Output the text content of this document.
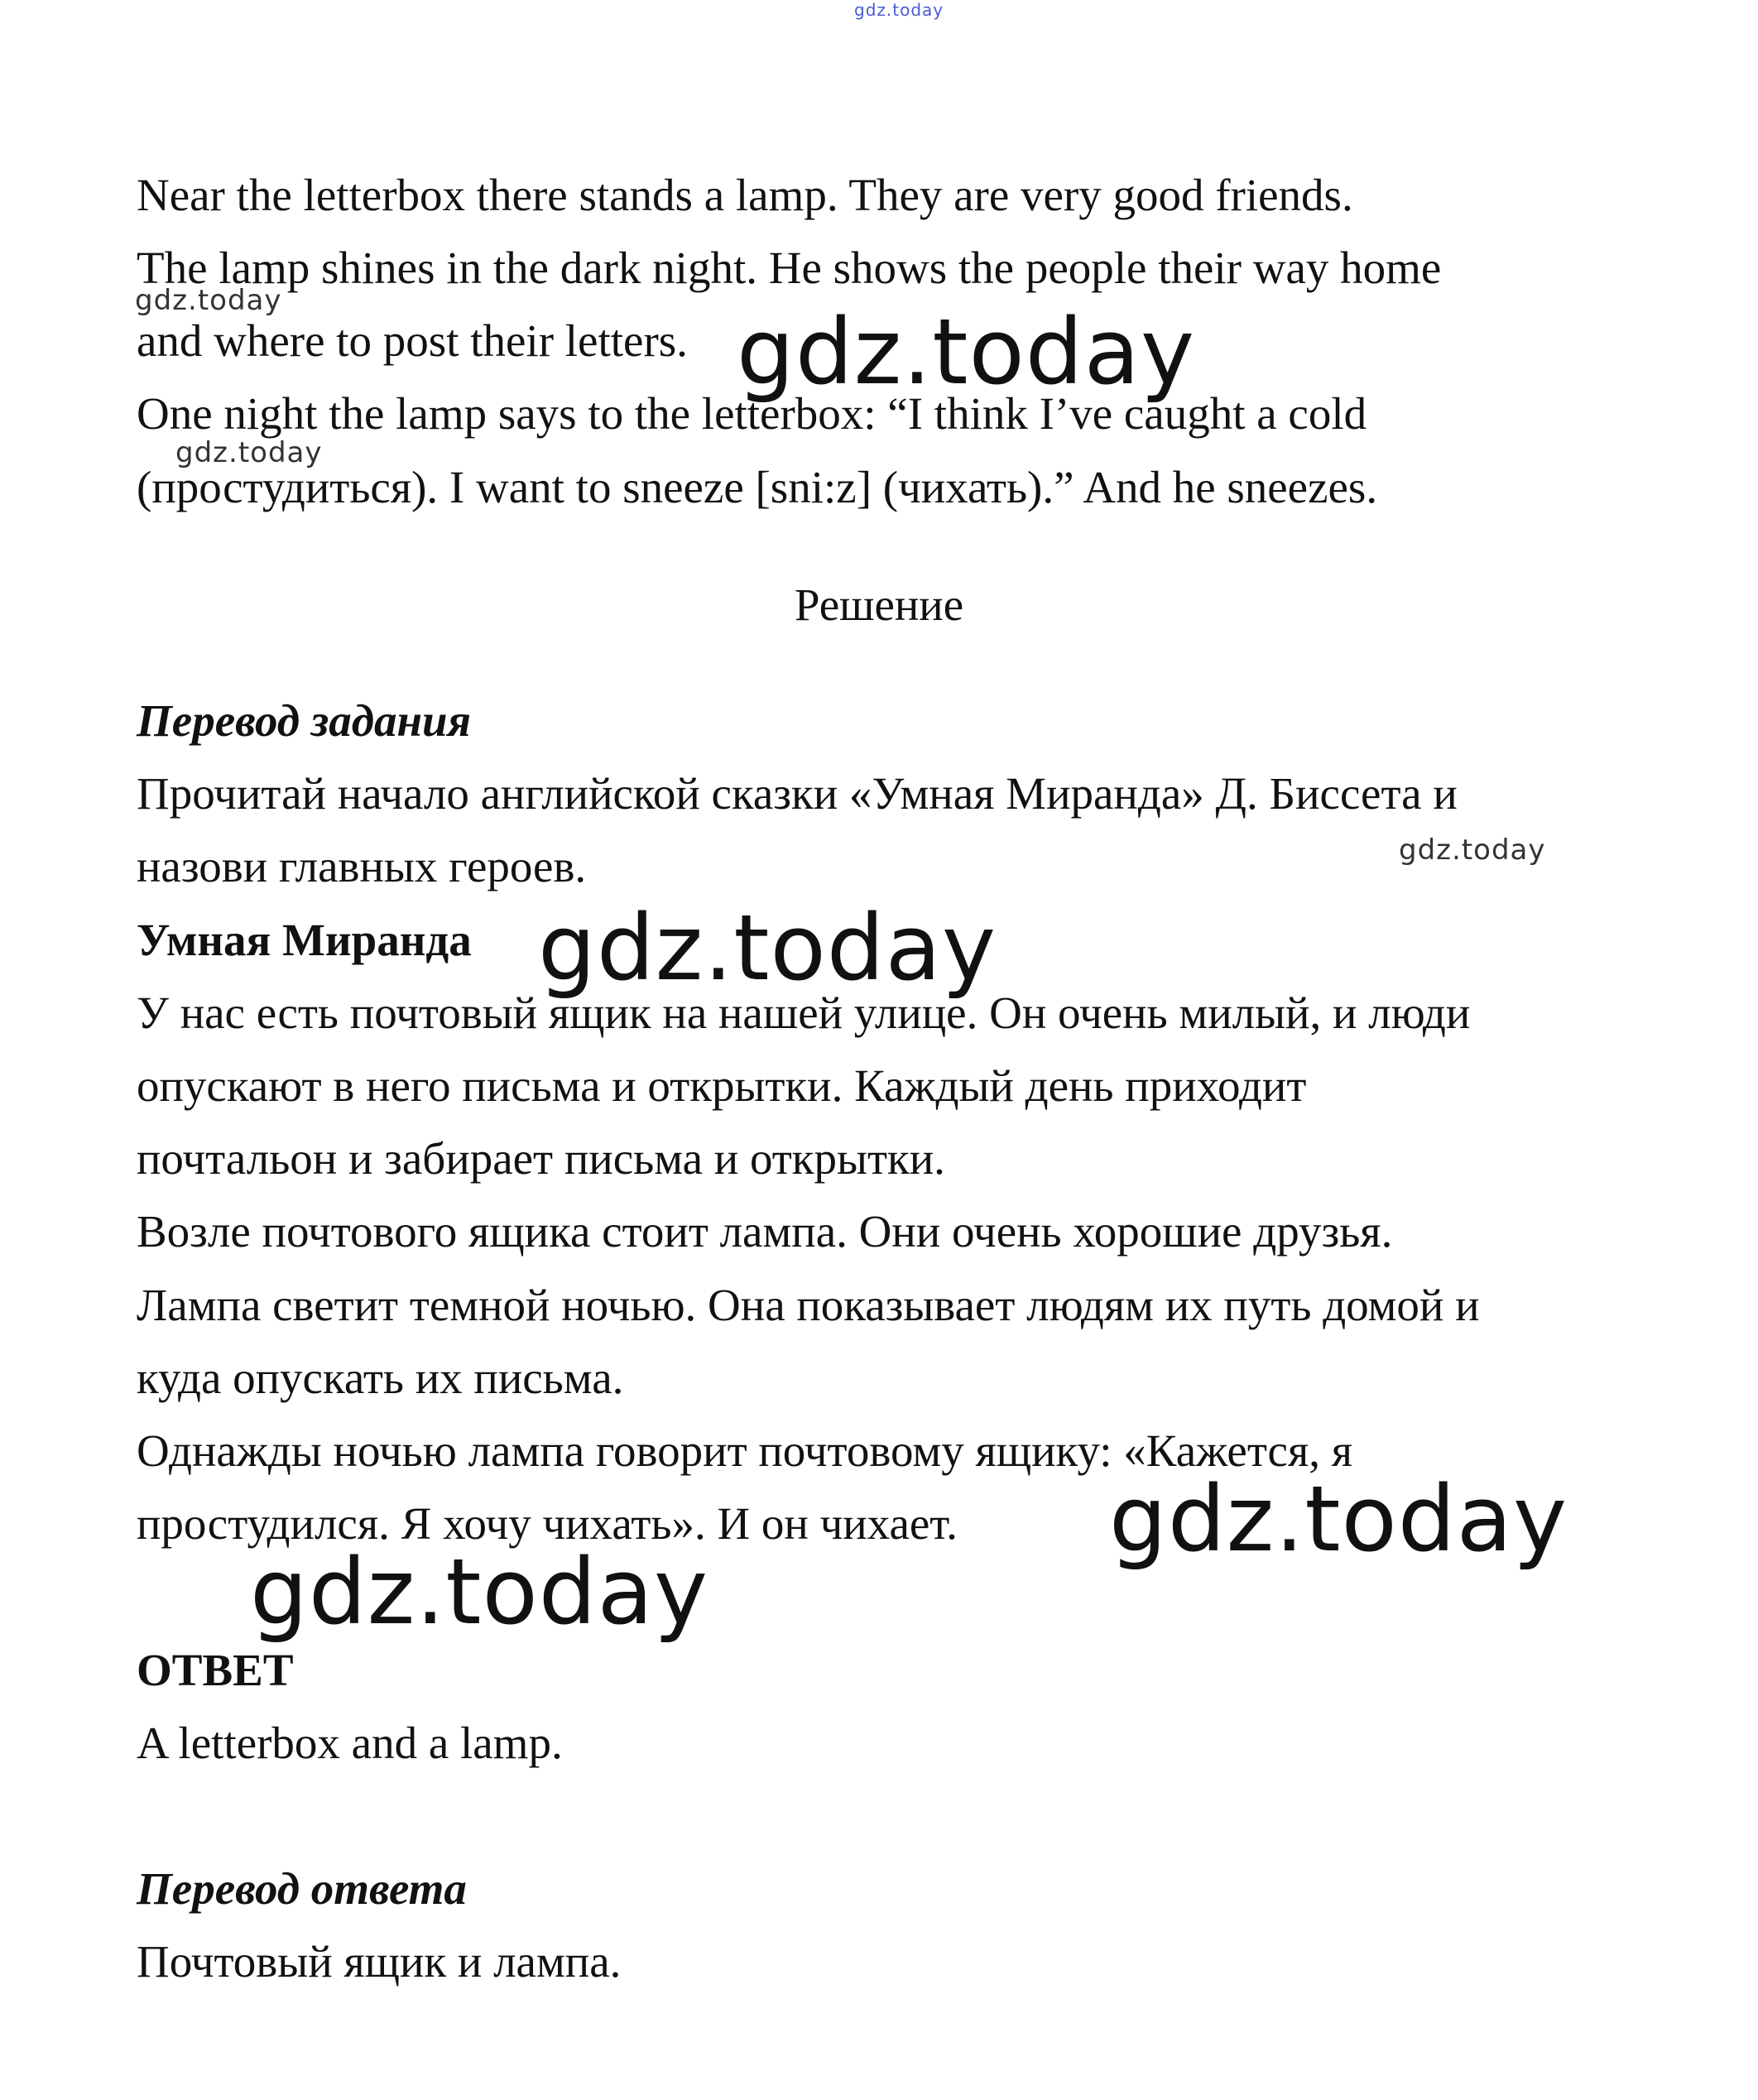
gdz.today
Near the letterbox there stands a lamp. They are very good friends.
The lamp shines in the dark night. He shows the people their way home
gdz.today
and where to post their letters. gdz.today
One night the lamp says to the letterbox: “I think I’ve caught a cold
gdz.today
(простудиться). I want to sneeze [sni:z] (чихать).” And he sneezes.
Решение
Перевод задания
Прочитай начало английской сказки «Умная Миранда» Д. Биссета и
назови главных героев.	gdz.today
Умная Миранда gdz.today
У нас есть почтовый ящик на нашей улице. Он очень милый, и люди
опускают в него письма и открытки. Каждый день приходит
почтальон и забирает письма и открытки.
Возле почтового ящика стоит лампа. Они очень хорошие друзья.
Лампа светит темной ночью. Она показывает людям их путь домой и
куда опускать их письма.
Однажды ночью лампа говорит почтовому ящику: «Кажется, я
простудился. Я хочу чихать». И он чихает. gdz.today
gdz.today
ОТВЕТ
A letterbox and a lamp.
Перевод ответа
Почтовый ящик и лампа.
